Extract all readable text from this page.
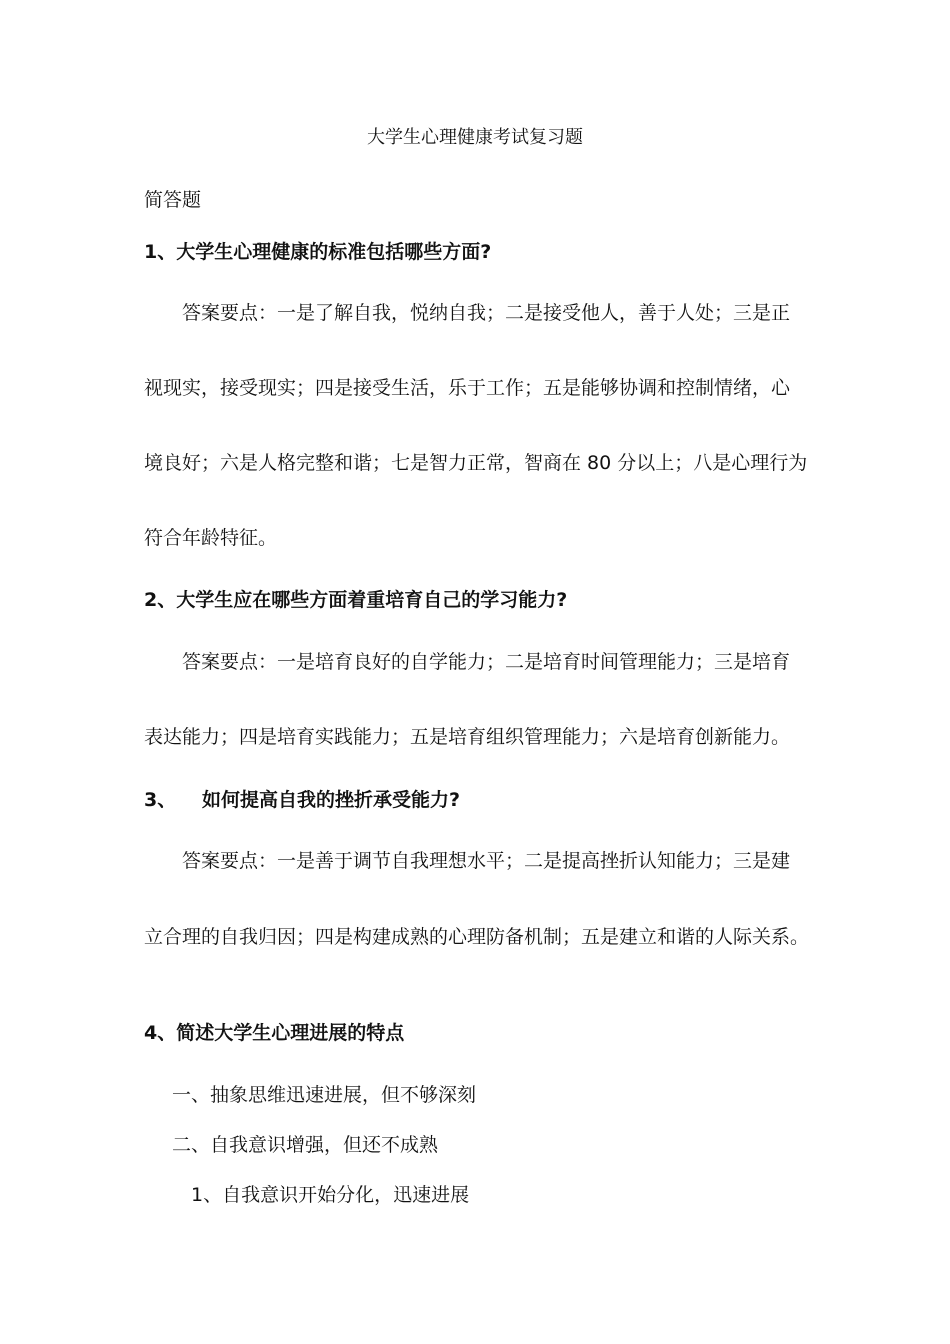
大学生心理健康考试复习题
简答题
1、大学生心理健康的标准包括哪些方面?
答案要点：一是了解自我，悦纳自我；二是接受他人，善于人处；三是正
视现实，接受现实；四是接受生活，乐于工作；五是能够协调和控制情绪，心
境良好；六是人格完整和谐；七是智力正常，智商在 80 分以上；八是心理行为
符合年龄特征。
2、大学生应在哪些方面着重培育自己的学习能力?
答案要点：一是培育良好的自学能力；二是培育时间管理能力；三是培育
表达能力；四是培育实践能力；五是培育组织管理能力；六是培育创新能力。
3、 如何提高自我的挫折承受能力?
答案要点：一是善于调节自我理想水平；二是提高挫折认知能力；三是建
立合理的自我归因；四是构建成熟的心理防备机制；五是建立和谐的人际关系。
4、简述大学生心理进展的特点
一、抽象思维迅速进展，但不够深刻
二、自我意识增强，但还不成熟
1、自我意识开始分化，迅速进展
